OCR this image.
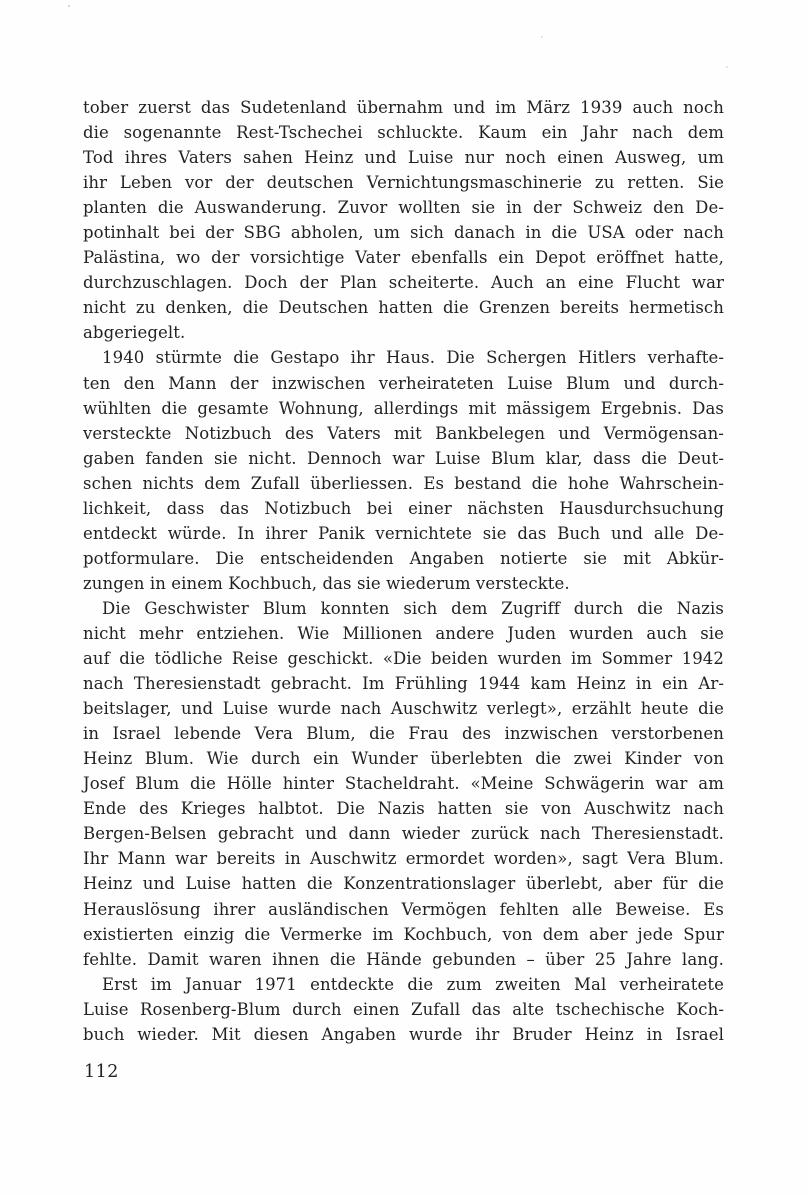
tober zuerst das Sudetenland übernahm und im März 1939 auch noch
die sogenannte Rest-Tschechei schluckte. Kaum ein Jahr nach dem
Tod ihres Vaters sahen Heinz und Luise nur noch einen Ausweg, um
ihr Leben vor der deutschen Vernichtungsmaschinerie zu retten. Sie
planten die Auswanderung. Zuvor wollten sie in der Schweiz den De-
potinhalt bei der SBG abholen, um sich danach in die USA oder nach
Palästina, wo der vorsichtige Vater ebenfalls ein Depot eröffnet hatte,
durchzuschlagen. Doch der Plan scheiterte. Auch an eine Flucht war
nicht zu denken, die Deutschen hatten die Grenzen bereits hermetisch
abgeriegelt.
1940 stürmte die Gestapo ihr Haus. Die Schergen Hitlers verhafte-
ten den Mann der inzwischen verheirateten Luise Blum und durch-
wühlten die gesamte Wohnung, allerdings mit mässigem Ergebnis. Das
versteckte Notizbuch des Vaters mit Bankbelegen und Vermögensan-
gaben fanden sie nicht. Dennoch war Luise Blum klar, dass die Deut-
schen nichts dem Zufall überliessen. Es bestand die hohe Wahrschein-
lichkeit, dass das Notizbuch bei einer nächsten Hausdurchsuchung
entdeckt würde. In ihrer Panik vernichtete sie das Buch und alle De-
potformulare. Die entscheidenden Angaben notierte sie mit Abkür-
zungen in einem Kochbuch, das sie wiederum versteckte.
Die Geschwister Blum konnten sich dem Zugriff durch die Nazis
nicht mehr entziehen. Wie Millionen andere Juden wurden auch sie
auf die tödliche Reise geschickt. «Die beiden wurden im Sommer 1942
nach Theresienstadt gebracht. Im Frühling 1944 kam Heinz in ein Ar-
beitslager, und Luise wurde nach Auschwitz verlegt», erzählt heute die
in Israel lebende Vera Blum, die Frau des inzwischen verstorbenen
Heinz Blum. Wie durch ein Wunder überlebten die zwei Kinder von
Josef Blum die Hölle hinter Stacheldraht. «Meine Schwägerin war am
Ende des Krieges halbtot. Die Nazis hatten sie von Auschwitz nach
Bergen-Belsen gebracht und dann wieder zurück nach Theresienstadt.
Ihr Mann war bereits in Auschwitz ermordet worden», sagt Vera Blum.
Heinz und Luise hatten die Konzentrationslager überlebt, aber für die
Herauslösung ihrer ausländischen Vermögen fehlten alle Beweise. Es
existierten einzig die Vermerke im Kochbuch, von dem aber jede Spur
fehlte. Damit waren ihnen die Hände gebunden – über 25 Jahre lang.
Erst im Januar 1971 entdeckte die zum zweiten Mal verheiratete
Luise Rosenberg-Blum durch einen Zufall das alte tschechische Koch-
buch wieder. Mit diesen Angaben wurde ihr Bruder Heinz in Israel
112
